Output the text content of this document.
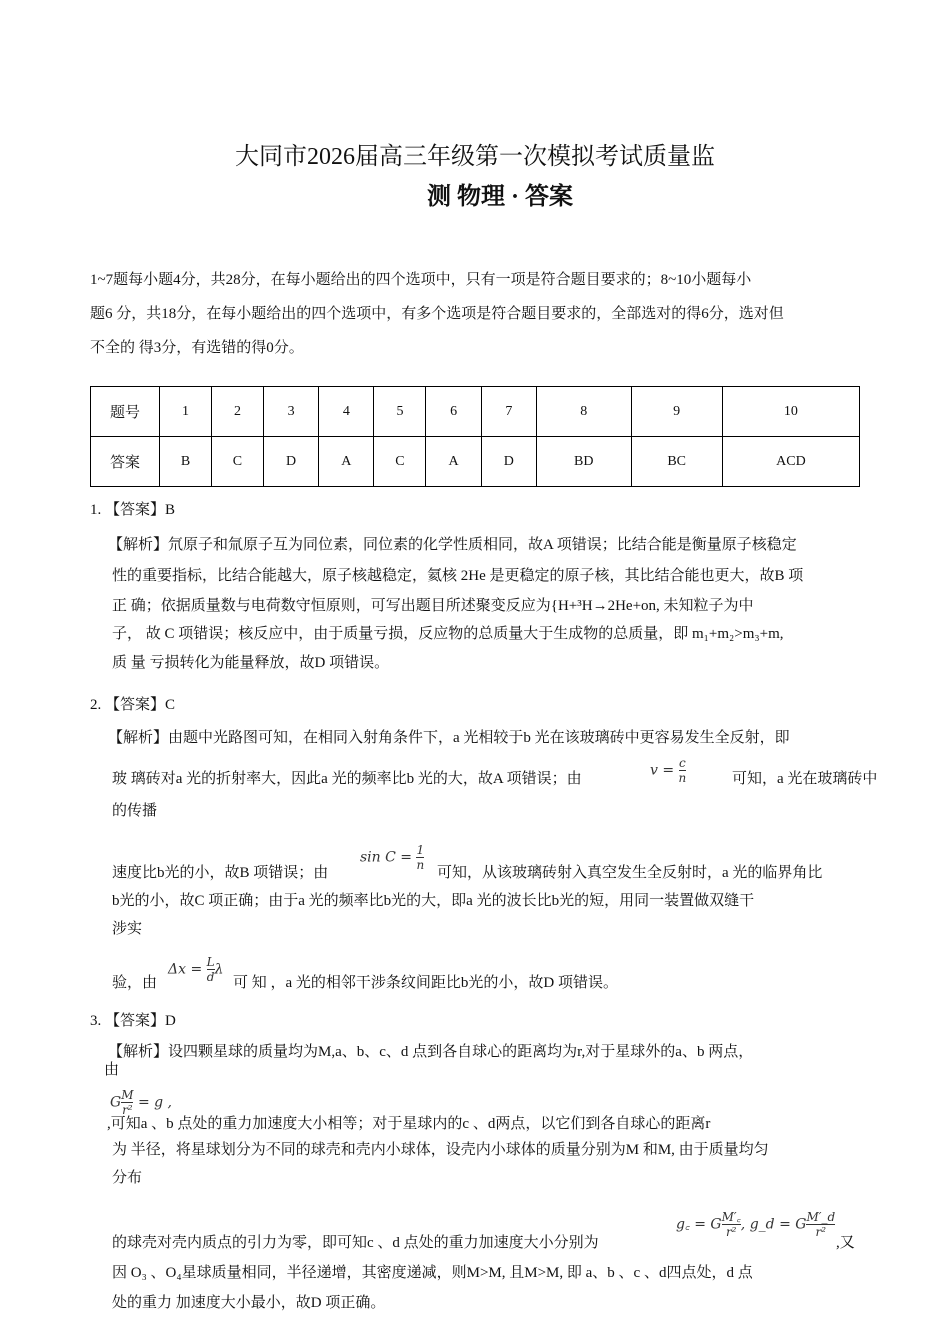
大同市2026届高三年级第一次模拟考试质量监
测 物理 · 答案
1~7题每小题4分，共28分，在每小题给出的四个选项中，只有一项是符合题目要求的；8~10小题每小
题6 分，共18分，在每小题给出的四个选项中，有多个选项是符合题目要求的，全部选对的得6分，选对但
不全的 得3分，有选错的得0分。
题号	1	2	3	4	5	6	7	8	9	10
答案	B	C	D	A	C	A	D	BD	BC	ACD
1. 【答案】B
【解析】氘原子和氚原子互为同位素，同位素的化学性质相同，故A 项错误；比结合能是衡量原子核稳定
性的重要指标，比结合能越大，原子核越稳定，氦核 2He 是更稳定的原子核，其比结合能也更大，故B 项
正 确；依据质量数与电荷数守恒原则，可写出题目所述聚变反应为{H+³H→2He+on, 未知粒子为中
子， 故 C 项错误；核反应中，由于质量亏损，反应物的总质量大于生成物的总质量，即 m₁+m₂>m₃+m,
质 量 亏损转化为能量释放，故D 项错误。
2. 【答案】C
【解析】由题中光路图可知，在相同入射角条件下，a 光相较于b 光在该玻璃砖中更容易发生全反射，即
玻 璃砖对a 光的折射率大，因此a 光的频率比b 光的大，故A 项错误；由
$v = \frac{c}{n}$	可知，a 光在玻璃砖中
的传播
速度比b光的小，故B 项错误；由
$\sin C = \frac{1}{n}$
可知，从该玻璃砖射入真空发生全反射时，a 光的临界角比
b光的小，故C 项正确；由于a 光的频率比b光的大，即a 光的波长比b光的短，用同一装置做双缝干
涉实
验，由
$\Delta x = \frac{L}{d}$ λ
可 知 ，a 光的相邻干涉条纹间距比b光的小，故D 项错误。
3. 【答案】D
【解析】设四颗星球的质量均为M,a、b、c、d 点到各自球心的距离均为r,对于星球外的a、b 两点，
由
G $\frac{M}{\text{r²}} = g$ ,
,可知a 、b 点处的重力加速度大小相等；对于星球内的c 、d两点，以它们到各自球心的距离r
为 半径，将星球划分为不同的球壳和壳内小球体，设壳内小球体的质量分别为M 和M, 由于质量均匀
分布
的球壳对壳内质点的引力为零，即可知c 、d 点处的重力加速度大小分别为
g꜀ = G $\frac{M'꜀}{\text{r²}}$ , g_d = G $\frac{M'\_d}{\text{r²}}$
,又
因 O₃ 、O₄星球质量相同，半径递增，其密度递减，则M>M, 且M>M, 即 a、b 、c 、d四点处，d 点
处的重力 加速度大小最小，故D 项正确。
